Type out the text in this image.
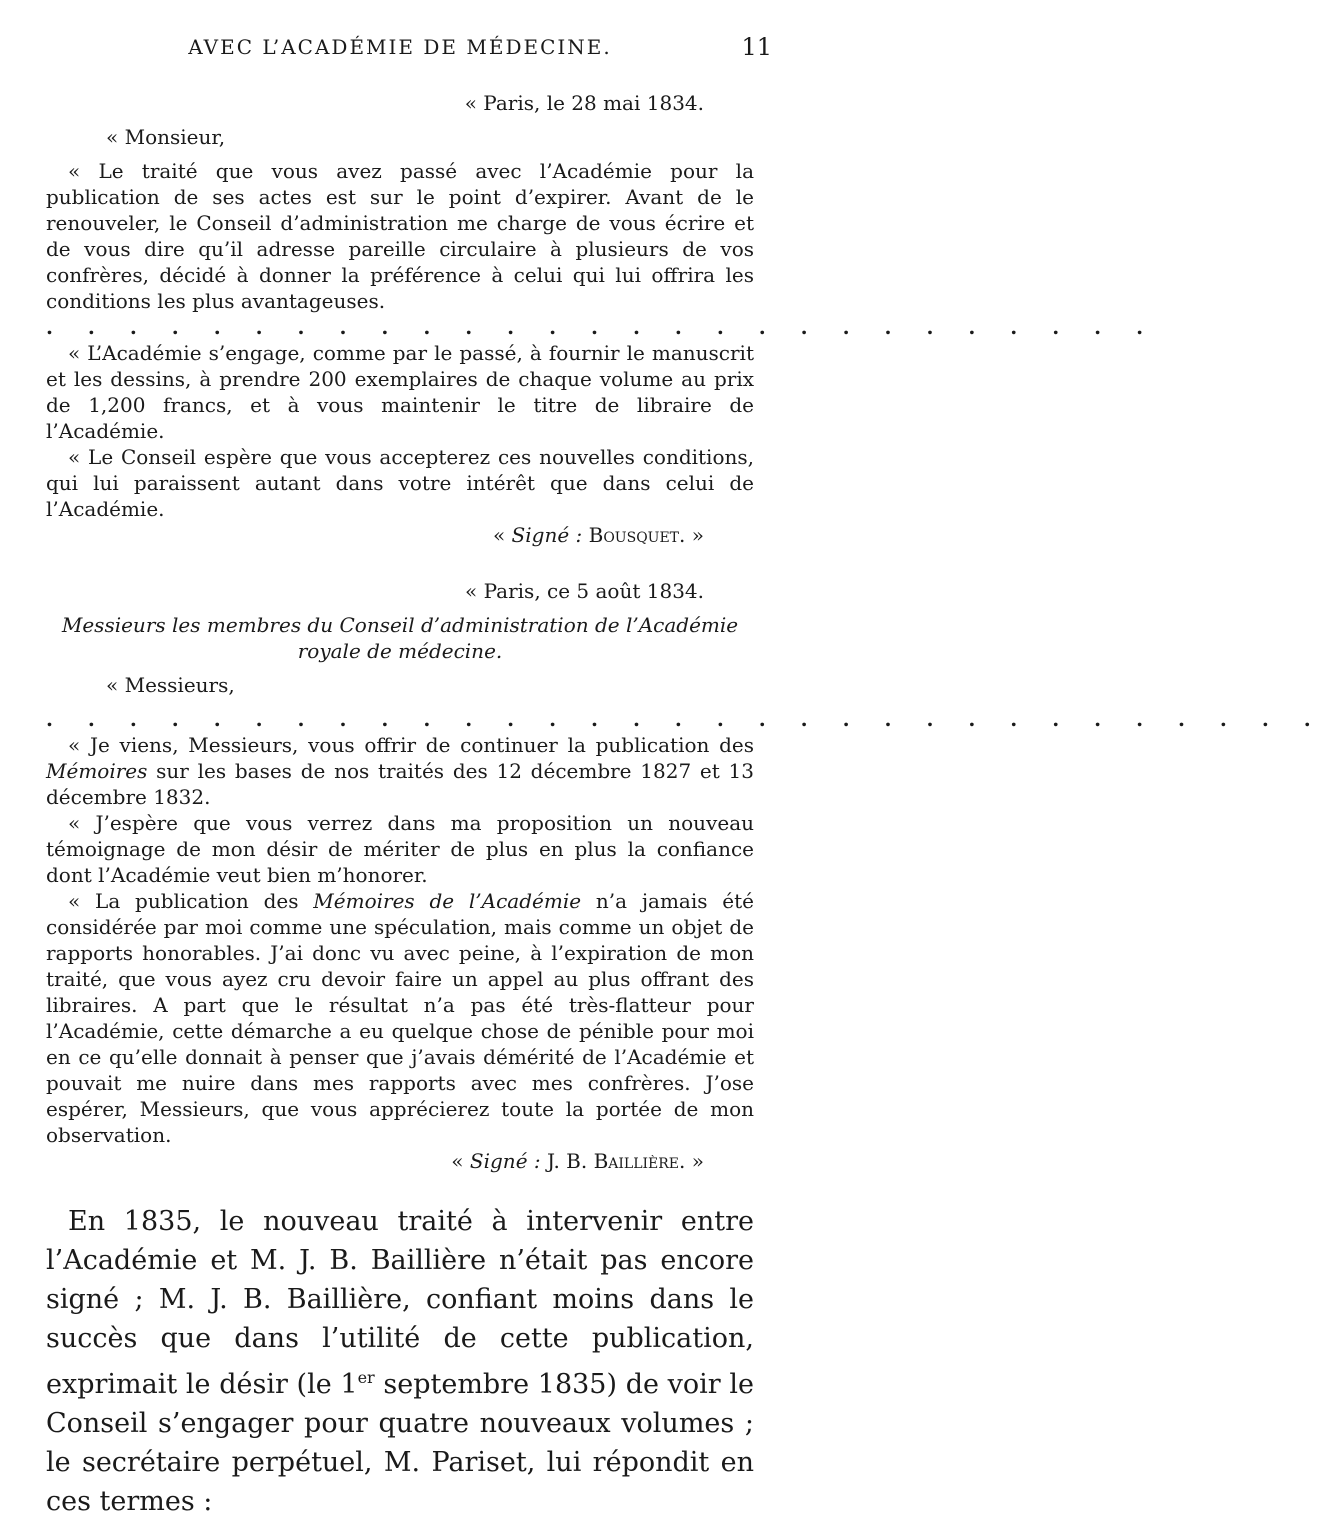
AVEC L’ACADÉMIE DE MÉDECINE.	11

« Paris, le 28 mai 1834.

« Monsieur,

« Le traité que vous avez passé avec l’Académie pour la publication de ses actes est sur le point d’expirer. Avant de le renouveler, le Conseil d’administration me charge de vous écrire et de vous dire qu’il adresse pareille circulaire à plusieurs de vos confrères, décidé à donner la préférence à celui qui lui offrira les conditions les plus avantageuses.

. . . . . . . . . . . . . . . . . . . . . . . . . . .

« L’Académie s’engage, comme par le passé, à fournir le manuscrit et les dessins, à prendre 200 exemplaires de chaque volume au prix de 1,200 francs, et à vous maintenir le titre de libraire de l’Académie.

« Le Conseil espère que vous accepterez ces nouvelles conditions, qui lui paraissent autant dans votre intérêt que dans celui de l’Académie.

« Signé : Bousquet. »

« Paris, ce 5 août 1834.

Messieurs les membres du Conseil d’administration de l’Académie royale de médecine.

« Messieurs,

. . . . . . . . . . . . . . . . . . . . . . . . . . . . . . .

« Je viens, Messieurs, vous offrir de continuer la publication des Mémoires sur les bases de nos traités des 12 décembre 1827 et 13 décembre 1832.

« J’espère que vous verrez dans ma proposition un nouveau témoignage de mon désir de mériter de plus en plus la confiance dont l’Académie veut bien m’honorer.

« La publication des Mémoires de l’Académie n’a jamais été considérée par moi comme une spéculation, mais comme un objet de rapports honorables. J’ai donc vu avec peine, à l’expiration de mon traité, que vous ayez cru devoir faire un appel au plus offrant des libraires. A part que le résultat n’a pas été très-flatteur pour l’Académie, cette démarche a eu quelque chose de pénible pour moi en ce qu’elle donnait à penser que j’avais démérité de l’Académie et pouvait me nuire dans mes rapports avec mes confrères. J’ose espérer, Messieurs, que vous apprécierez toute la portée de mon observation.

« Signé : J. B. Baillière. »

En 1835, le nouveau traité à intervenir entre l’Académie et M. J. B. Baillière n’était pas encore signé ; M. J. B. Baillière, confiant moins dans le succès que dans l’utilité de cette publication, exprimait le désir (le 1er septembre 1835) de voir le Conseil s’engager pour quatre nouveaux volumes ; le secrétaire perpétuel, M. Pariset, lui répondit en ces termes :
